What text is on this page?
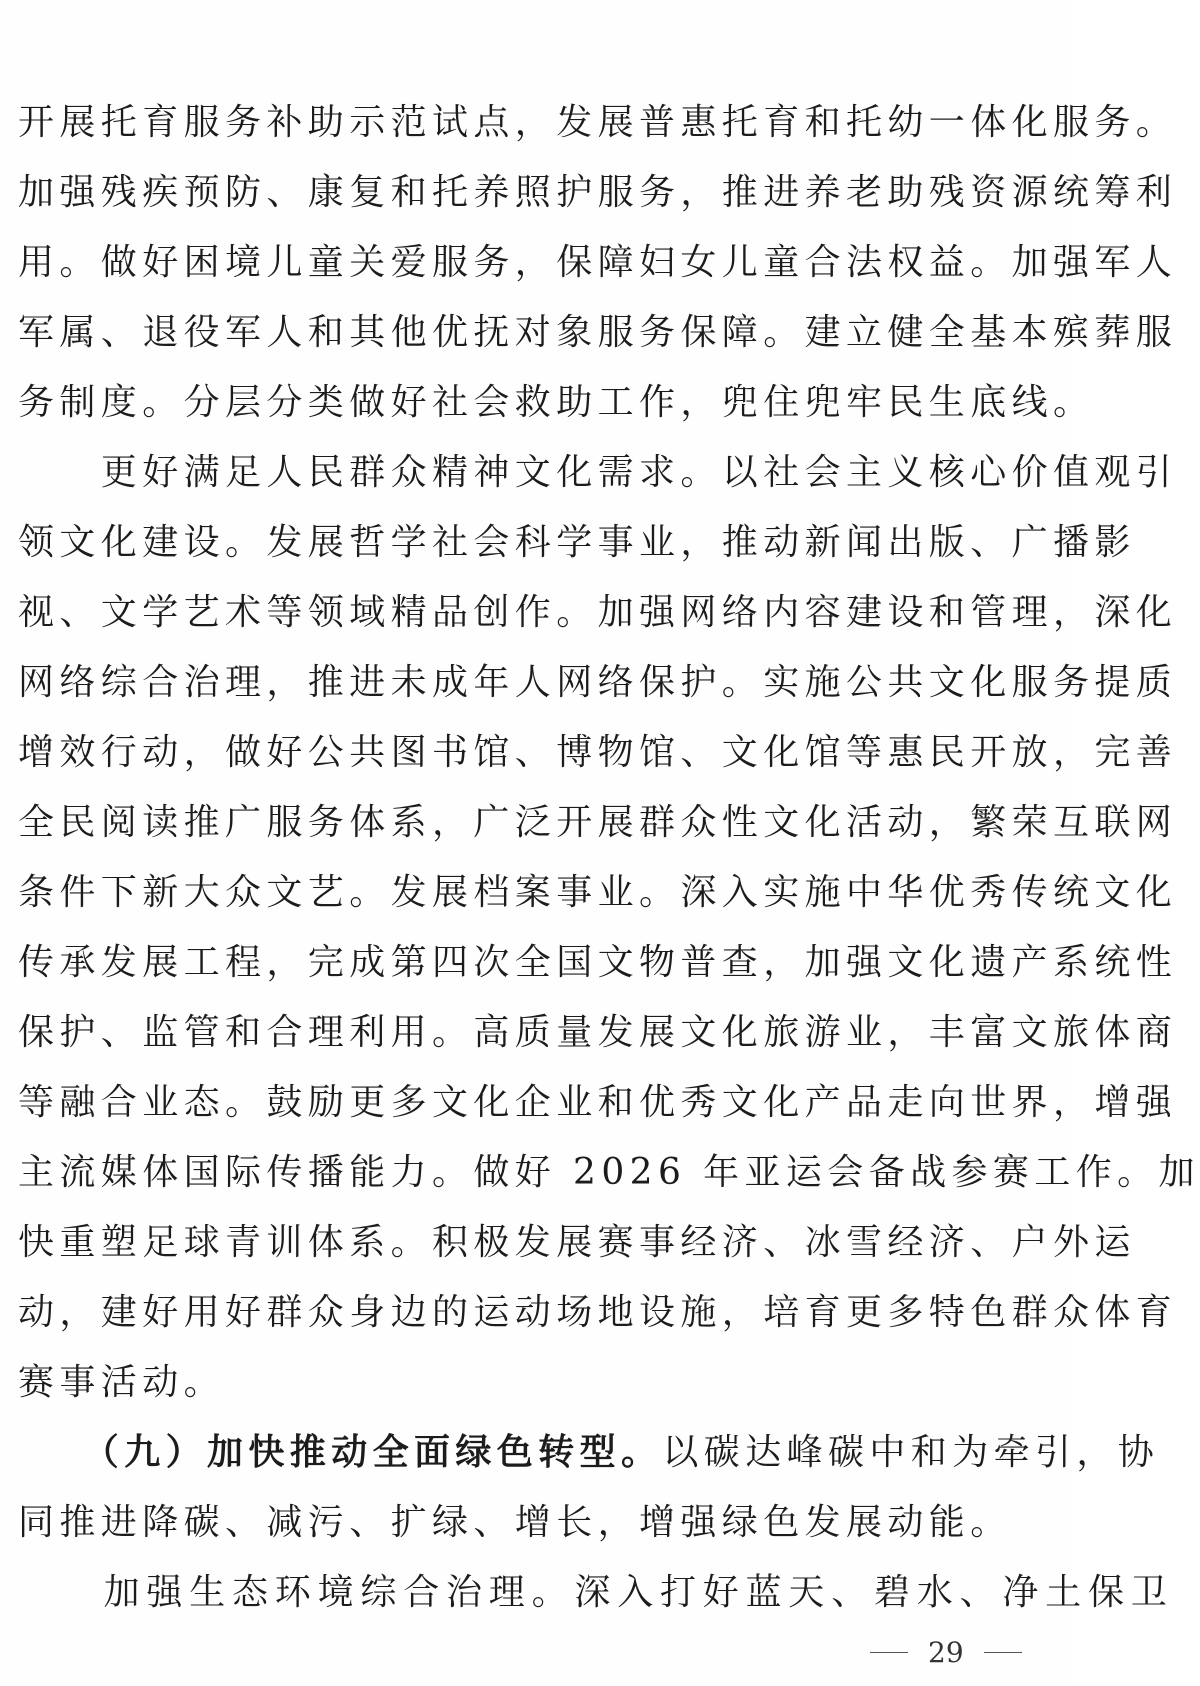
开展托育服务补助示范试点，发展普惠托育和托幼一体化服务。
加强残疾预防、康复和托养照护服务，推进养老助残资源统筹利
用。做好困境儿童关爱服务，保障妇女儿童合法权益。加强军人
军属、退役军人和其他优抚对象服务保障。建立健全基本殡葬服
务制度。分层分类做好社会救助工作，兜住兜牢民生底线。
　　更好满足人民群众精神文化需求。以社会主义核心价值观引
领文化建设。发展哲学社会科学事业，推动新闻出版、广播影
视、文学艺术等领域精品创作。加强网络内容建设和管理，深化
网络综合治理，推进未成年人网络保护。实施公共文化服务提质
增效行动，做好公共图书馆、博物馆、文化馆等惠民开放，完善
全民阅读推广服务体系，广泛开展群众性文化活动，繁荣互联网
条件下新大众文艺。发展档案事业。深入实施中华优秀传统文化
传承发展工程，完成第四次全国文物普查，加强文化遗产系统性
保护、监管和合理利用。高质量发展文化旅游业，丰富文旅体商
等融合业态。鼓励更多文化企业和优秀文化产品走向世界，增强
主流媒体国际传播能力。做好 2026 年亚运会备战参赛工作。加
快重塑足球青训体系。积极发展赛事经济、冰雪经济、户外运
动，建好用好群众身边的运动场地设施，培育更多特色群众体育
赛事活动。
　　（九）加快推动全面绿色转型。以碳达峰碳中和为牵引，协
同推进降碳、减污、扩绿、增长，增强绿色发展动能。
　　加强生态环境综合治理。深入打好蓝天、碧水、净土保卫
29
